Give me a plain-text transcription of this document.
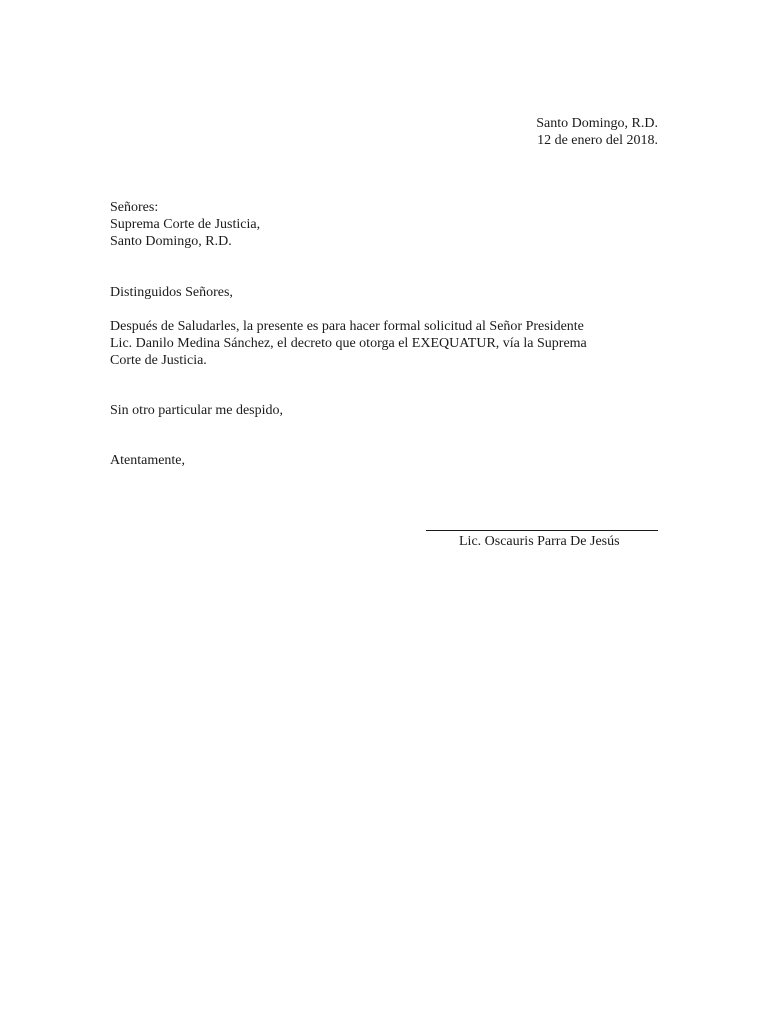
Santo Domingo, R.D.
12 de enero del 2018.
Señores:
Suprema Corte de Justicia,
Santo Domingo, R.D.
Distinguidos Señores,
Después de Saludarles, la presente es para hacer formal solicitud al Señor Presidente
Lic. Danilo Medina Sánchez, el decreto que otorga el EXEQUATUR, vía la Suprema
Corte de Justicia.
Sin otro particular me despido,
Atentamente,
Lic. Oscauris Parra De Jesús
